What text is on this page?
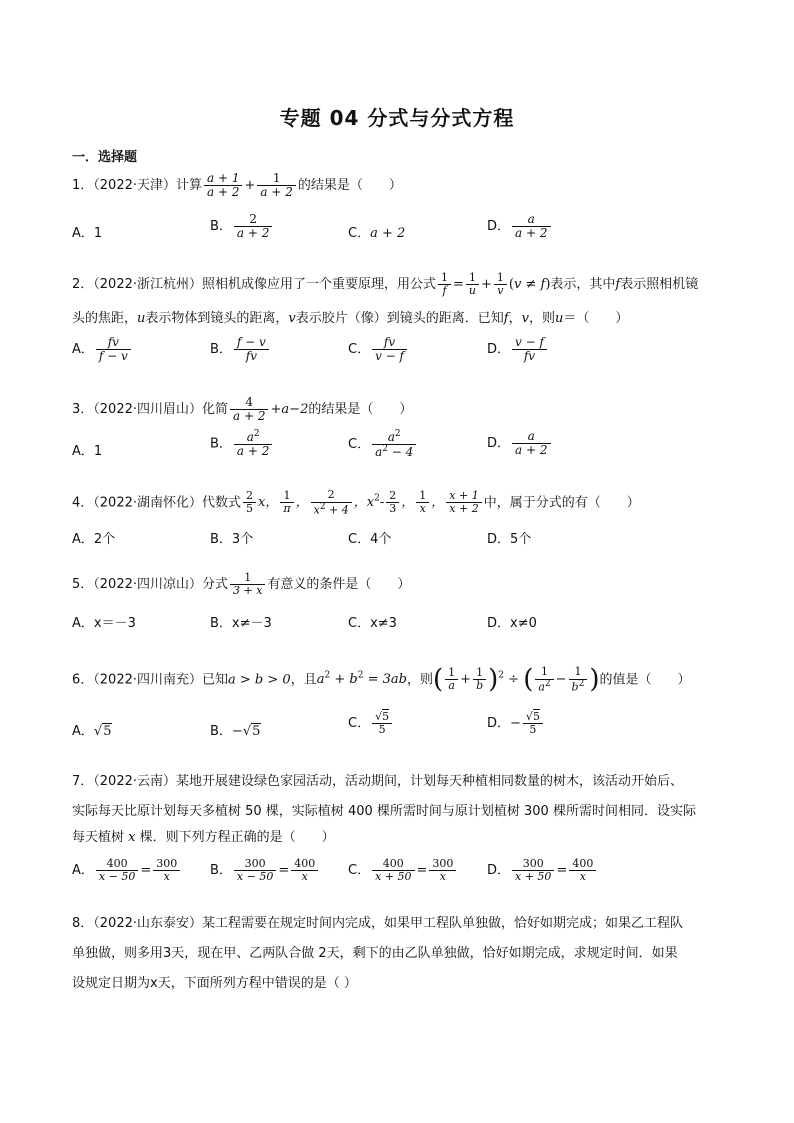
专题 04 分式与分式方程
一．选择题
1．（2022·天津）计算 $\frac{a + 1}{a + 2} + \frac{1}{a + 2}$ 的结果是（　　）
A．1	B． $\frac{2}{a + 2}$	C．a + 2	D． $\frac{a}{a + 2}$
2．（2022·浙江杭州）照相机成像应用了一个重要原理，用公式 $\frac{1}{f} = \frac{1}{u} + \frac{1}{v} (v \ne f)$表示，其中f表示照相机镜
头的焦距，u表示物体到镜头的距离，v表示胶片（像）到镜头的距离．已知f，v，则u＝（　　）
A． $\frac{fv}{f - v}$	B． $\frac{f - v}{fv}$	C． $\frac{fv}{v - f}$	D． $\frac{v - f}{fv}$
3．（2022·四川眉山）化简 $\frac{4}{a + 2} +a-2$的结果是（　　）
A．1	B． $\frac{a^2}{a + 2}$	C． $\frac{a^2}{a^2 - 4}$	D． $\frac{a}{a + 2}$
4．（2022·湖南怀化）代数式 $\frac{2}{5}$ x， $\frac{1}{\pi}$ ， $\frac{2}{x^2 + 4}$ ，$x^2- \frac{2}{3}$ ， $\frac{1}{x}$ ， $\frac{x + 1}{x + 2}$ 中，属于分式的有（　　）
A．2个	B．3个	C．4个	D．5个
5．（2022·四川凉山）分式 $\frac{1}{3 + x}$ 有意义的条件是（　　）
A．x＝－3	B．x≠－3	C．x≠3	D．x≠0
6．（2022·四川南充）已知a > b > 0，且$a^2 + b^2 = 3ab$，则( $\frac{1}{a} + \frac{1}{b} )^2$ ÷ ( $\frac{1}{a^2} - \frac{1}{b^2}$ )的值是（　　）
A．√5	B．−√5
C． $\frac{√5}{5}$	D．− $\frac{√5}{5}$
7．（2022·云南）某地开展建设绿色家园活动，活动期间，计划每天种植相同数量的树木，该活动开始后、
实际每天比原计划每天多植树 50 棵，实际植树 400 棵所需时间与原计划植树 300 棵所需时间相同．设实际
每天植树 x 棵．则下列方程正确的是（　　）
A． $\frac{400}{x - 50} = \frac{300}{x}$ B． $\frac{300}{x - 50} = \frac{400}{x}$ C． $\frac{400}{x + 50} = \frac{300}{x}$ D． $\frac{300}{x + 50} = \frac{400}{x}$
8．（2022·山东泰安）某工程需要在规定时间内完成，如果甲工程队单独做，恰好如期完成；如果乙工程队
单独做，则多用3天，现在甲、乙两队合做 2天，剩下的由乙队单独做，恰好如期完成，求规定时间．如果
设规定日期为x天，下面所列方程中错误的是（ ）
